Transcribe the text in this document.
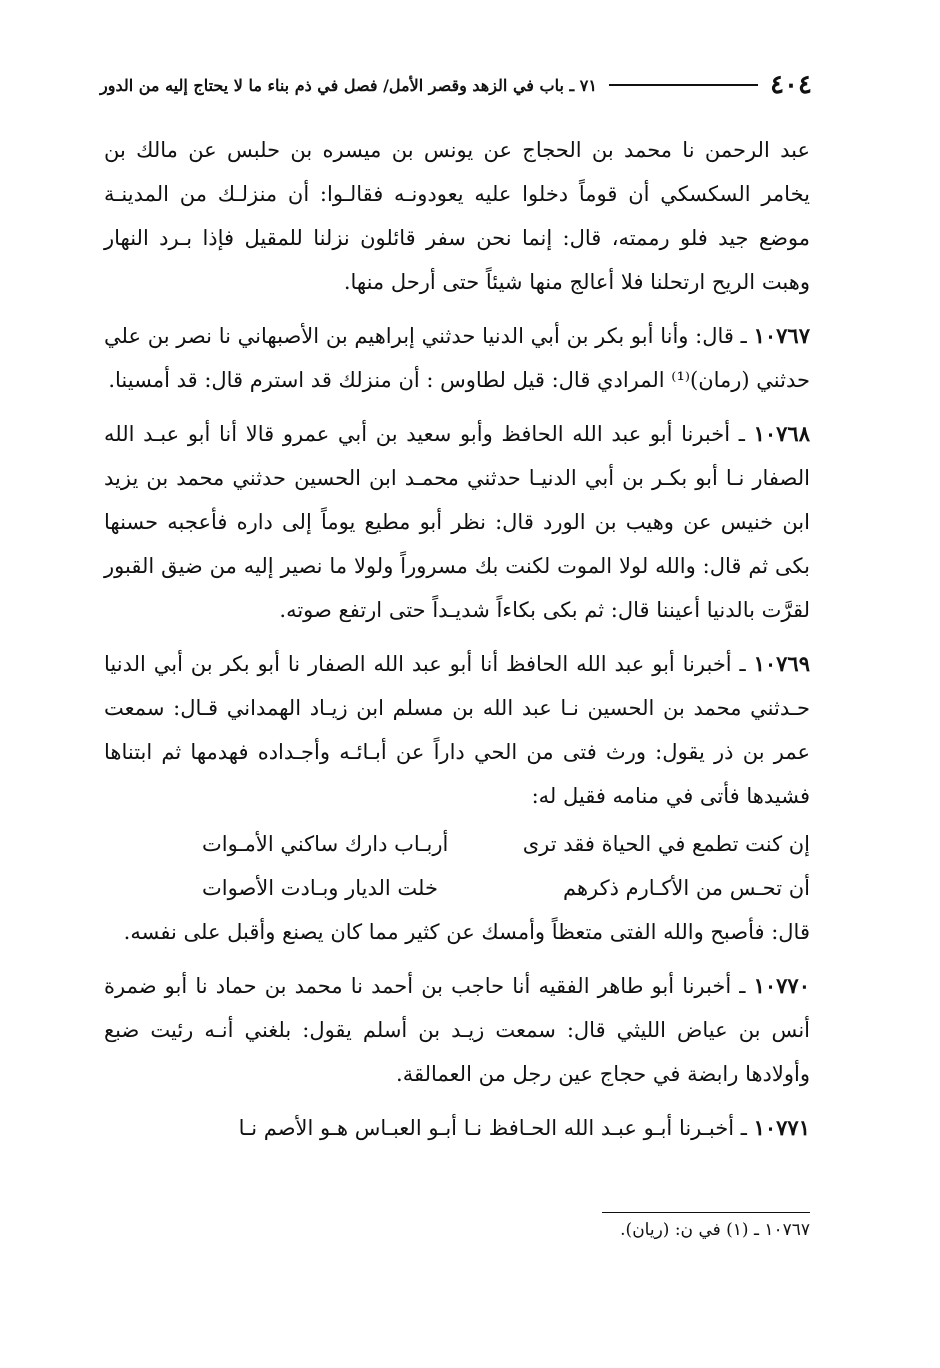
٤٠٤
٧١ ـ باب في الزهد وقصر الأمل/ فصل في ذم بناء ما لا يحتاج إليه من الدور

عبد الرحمن نا محمد بن الحجاج عن يونس بن ميسره بن حلبس عن مالك بن يخامر السكسكي أن قوماً دخلوا عليه يعودونـه فقالـوا: أن منزلـك من المدينـة موضع جيد فلو رممته، قال: إنما نحن سفر قائلون نزلنا للمقيل فإذا بـرد النهار وهبت الريح ارتحلنا فلا أعالج منها شيئاً حتى أرحل منها.

١٠٧٦٧ ـ قال: وأنا أبو بكر بن أبي الدنيا حدثني إبراهيم بن الأصبهاني نا نصر بن علي حدثني (رمان)⁽¹⁾ المرادي قال: قيل لطاوس : أن منزلك قد استرم قال: قد أمسينا.

١٠٧٦٨ ـ أخبرنا أبو عبد الله الحافظ وأبو سعيد بن أبي عمرو قالا أنا أبو عبـد الله الصفار نـا أبو بكـر بن أبي الدنيـا حدثني محمـد ابن الحسين حدثني محمد بن يزيد ابن خنيس عن وهيب بن الورد قال: نظر أبو مطيع يوماً إلى داره فأعجبه حسنها بكى ثم قال: والله لولا الموت لكنت بك مسروراً ولولا ما نصير إليه من ضيق القبور لقرَّت بالدنيا أعيننا قال: ثم بكى بكاءاً شديـداً حتى ارتفع صوته.

١٠٧٦٩ ـ أخبرنا أبو عبد الله الحافظ أنا أبو عبد الله الصفار نا أبو بكر بن أبي الدنيا حـدثني محمد بن الحسين نـا عبد الله بن مسلم ابن زيـاد الهمداني قـال: سمعت عمر بن ذر يقول: ورث فتى من الحي داراً عن أبـائـه وأجـداده فهدمها ثم ابتناها فشيدها فأتى في منامه فقيل له:

إن كنت تطمع في الحياة فقد ترى
أربـاب دارك ساكني الأمـوات
أن تحـس من الأكـارم ذكرهم
خلت الديار وبـادت الأصوات

قال: فأصبح والله الفتى متعظاً وأمسك عن كثير مما كان يصنع وأقبل على نفسه.

١٠٧٧٠ ـ أخبرنا أبو طاهر الفقيه أنا حاجب بن أحمد نا محمد بن حماد نا أبو ضمرة أنس بن عياض الليثي قال: سمعت زيـد بن أسلم يقول: بلغني أنـه رئيت ضبع وأولادها رابضة في حجاج عين رجل من العمالقة.

١٠٧٧١ ـ أخبـرنا أبـو عبـد الله الحـافظ نـا أبـو العبـاس هـو الأصم نـا

١٠٧٦٧ ـ (١) في ن: (ريان).
